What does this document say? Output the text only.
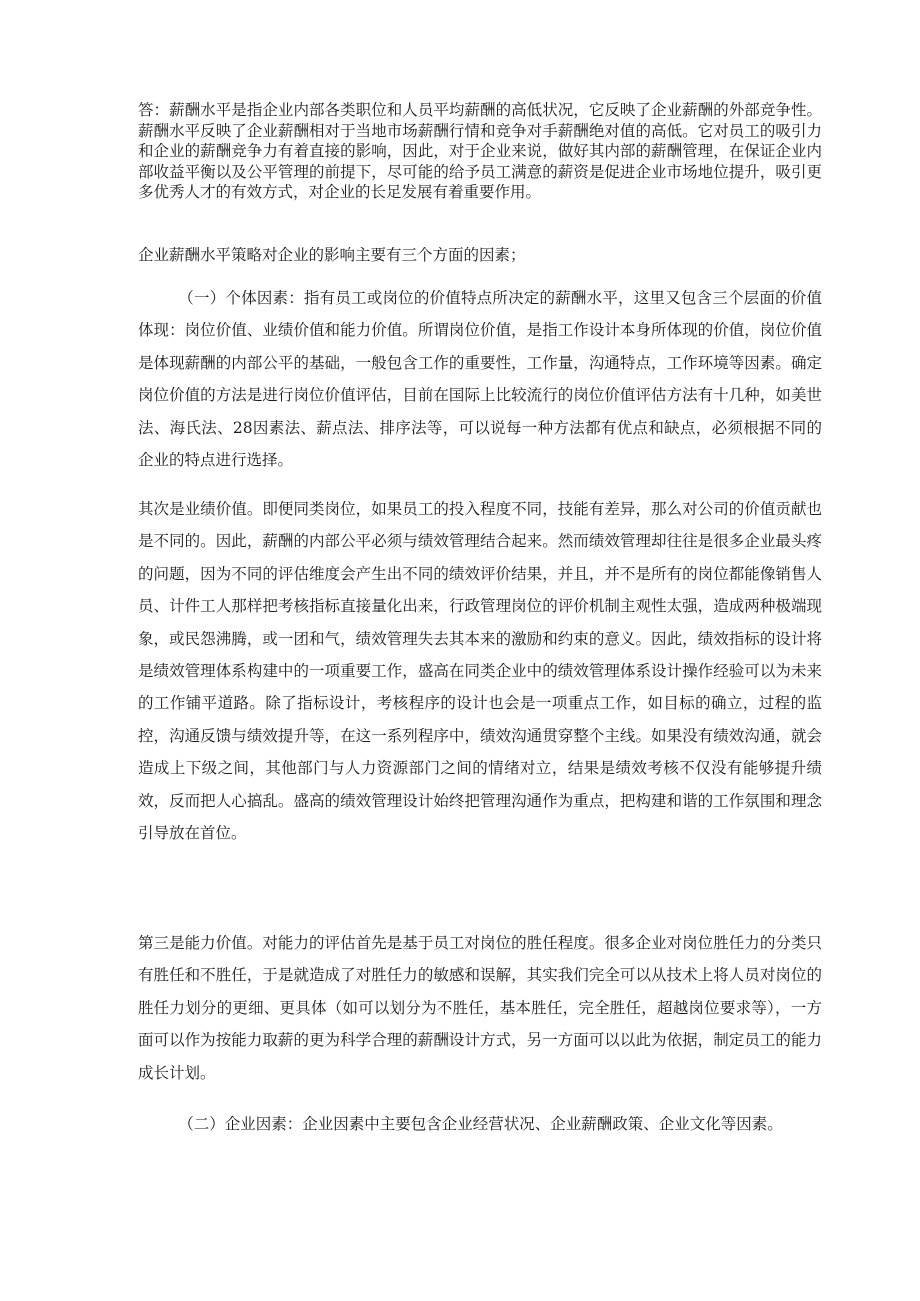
答：薪酬水平是指企业内部各类职位和人员平均薪酬的高低状况，它反映了企业薪酬的外部竞争性。薪酬水平反映了企业薪酬相对于当地市场薪酬行情和竞争对手薪酬绝对值的高低。它对员工的吸引力和企业的薪酬竞争力有着直接的影响，因此，对于企业来说，做好其内部的薪酬管理，在保证企业内部收益平衡以及公平管理的前提下，尽可能的给予员工满意的薪资是促进企业市场地位提升，吸引更多优秀人才的有效方式，对企业的长足发展有着重要作用。

企业薪酬水平策略对企业的影响主要有三个方面的因素；

（一）个体因素：指有员工或岗位的价值特点所决定的薪酬水平，这里又包含三个层面的价值体现：岗位价值、业绩价值和能力价值。所谓岗位价值，是指工作设计本身所体现的价值，岗位价值是体现薪酬的内部公平的基础，一般包含工作的重要性，工作量，沟通特点，工作环境等因素。确定岗位价值的方法是进行岗位价值评估，目前在国际上比较流行的岗位价值评估方法有十几种，如美世法、海氏法、28因素法、薪点法、排序法等，可以说每一种方法都有优点和缺点，必须根据不同的企业的特点进行选择。

其次是业绩价值。即便同类岗位，如果员工的投入程度不同，技能有差异，那么对公司的价值贡献也是不同的。因此，薪酬的内部公平必须与绩效管理结合起来。然而绩效管理却往往是很多企业最头疼的问题，因为不同的评估维度会产生出不同的绩效评价结果，并且，并不是所有的岗位都能像销售人员、计件工人那样把考核指标直接量化出来，行政管理岗位的评价机制主观性太强，造成两种极端现象，或民怨沸腾，或一团和气，绩效管理失去其本来的激励和约束的意义。因此，绩效指标的设计将是绩效管理体系构建中的一项重要工作，盛高在同类企业中的绩效管理体系设计操作经验可以为未来的工作铺平道路。除了指标设计，考核程序的设计也会是一项重点工作，如目标的确立，过程的监控，沟通反馈与绩效提升等，在这一系列程序中，绩效沟通贯穿整个主线。如果没有绩效沟通，就会造成上下级之间，其他部门与人力资源部门之间的情绪对立，结果是绩效考核不仅没有能够提升绩效，反而把人心搞乱。盛高的绩效管理设计始终把管理沟通作为重点，把构建和谐的工作氛围和理念引导放在首位。

第三是能力价值。对能力的评估首先是基于员工对岗位的胜任程度。很多企业对岗位胜任力的分类只有胜任和不胜任，于是就造成了对胜任力的敏感和误解，其实我们完全可以从技术上将人员对岗位的胜任力划分的更细、更具体（如可以划分为不胜任，基本胜任，完全胜任，超越岗位要求等），一方面可以作为按能力取薪的更为科学合理的薪酬设计方式，另一方面可以以此为依据，制定员工的能力成长计划。

（二）企业因素：企业因素中主要包含企业经营状况、企业薪酬政策、企业文化等因素。
